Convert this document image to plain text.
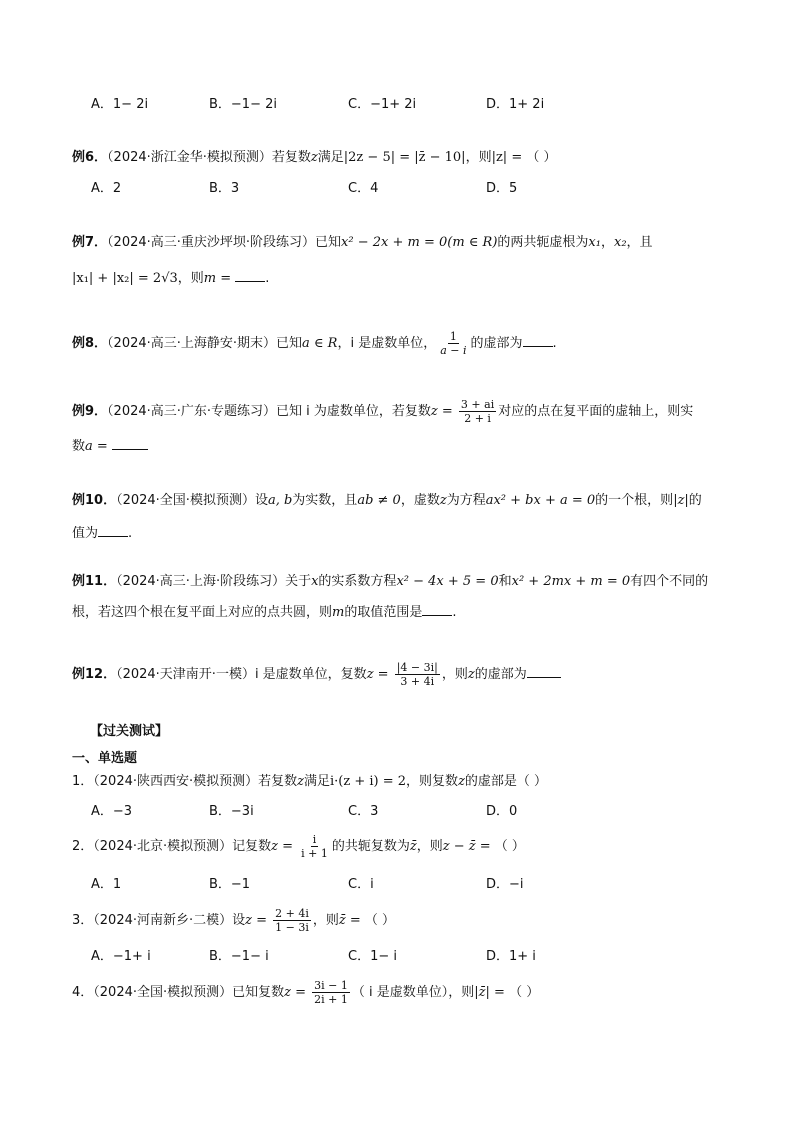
A．1− 2i	B．−1− 2i	C．−1+ 2i	D．1+ 2i
例6．（2024·浙江金华·模拟预测）若复数z满足|2z − 5| = |z̄ − 10|，则|z| = （ ）
A．2	B．3	C．4	D．5
例7．（2024·高三·重庆沙坪坝·阶段练习）已知x² − 2x + m = 0(m ∈ R)的两共轭虚根为x₁，x₂，且
|x₁| + |x₂| = 2√3，则m = .
例8．（2024·高三·上海静安·期末）已知a ∈ R，i 是虚数单位， $\frac{1}{a - i}$ 的虚部为 .
例9．（2024·高三·广东·专题练习）已知 i 为虚数单位，若复数$z = \frac{3 + ai}{2 + i}$ 对应的点在复平面的虚轴上，则实
数a =
例10．（2024·全国·模拟预测）设a, b为实数，且ab ≠ 0，虚数z为方程ax² + bx + a = 0的一个根，则|z|的
值为 .
例11．（2024·高三·上海·阶段练习）关于x的实系数方程x² − 4x + 5 = 0和x² + 2mx + m = 0有四个不同的
根，若这四个根在复平面上对应的点共圆，则m的取值范围是 .
例12．（2024·天津南开·一模）i 是虚数单位，复数$z = \frac{|4 - 3i|}{3 + 4i}$ ，则z的虚部为
【过关测试】
一、单选题
1．（2024·陕西西安·模拟预测）若复数z满足i·(z + i) = 2，则复数z的虚部是（ ）
A．−3	B．−3i	C．3	D．0
2．（2024·北京·模拟预测）记复数$z = \frac{i}{i + 1}$ 的共轭复数为z̄，则z − z̄ = （ ）
A．1	B．−1	C．i	D．−i
3．（2024·河南新乡·二模）设$z = \frac{2 + 4i}{1 - 3i}$ ，则z̄ = （ ）
A．−1+ i	B．−1− i	C．1− i	D．1+ i
4．（2024·全国·模拟预测）已知复数$z = \frac{3i - 1}{2i + 1}$ （ i 是虚数单位），则|z̄| = （ ）
